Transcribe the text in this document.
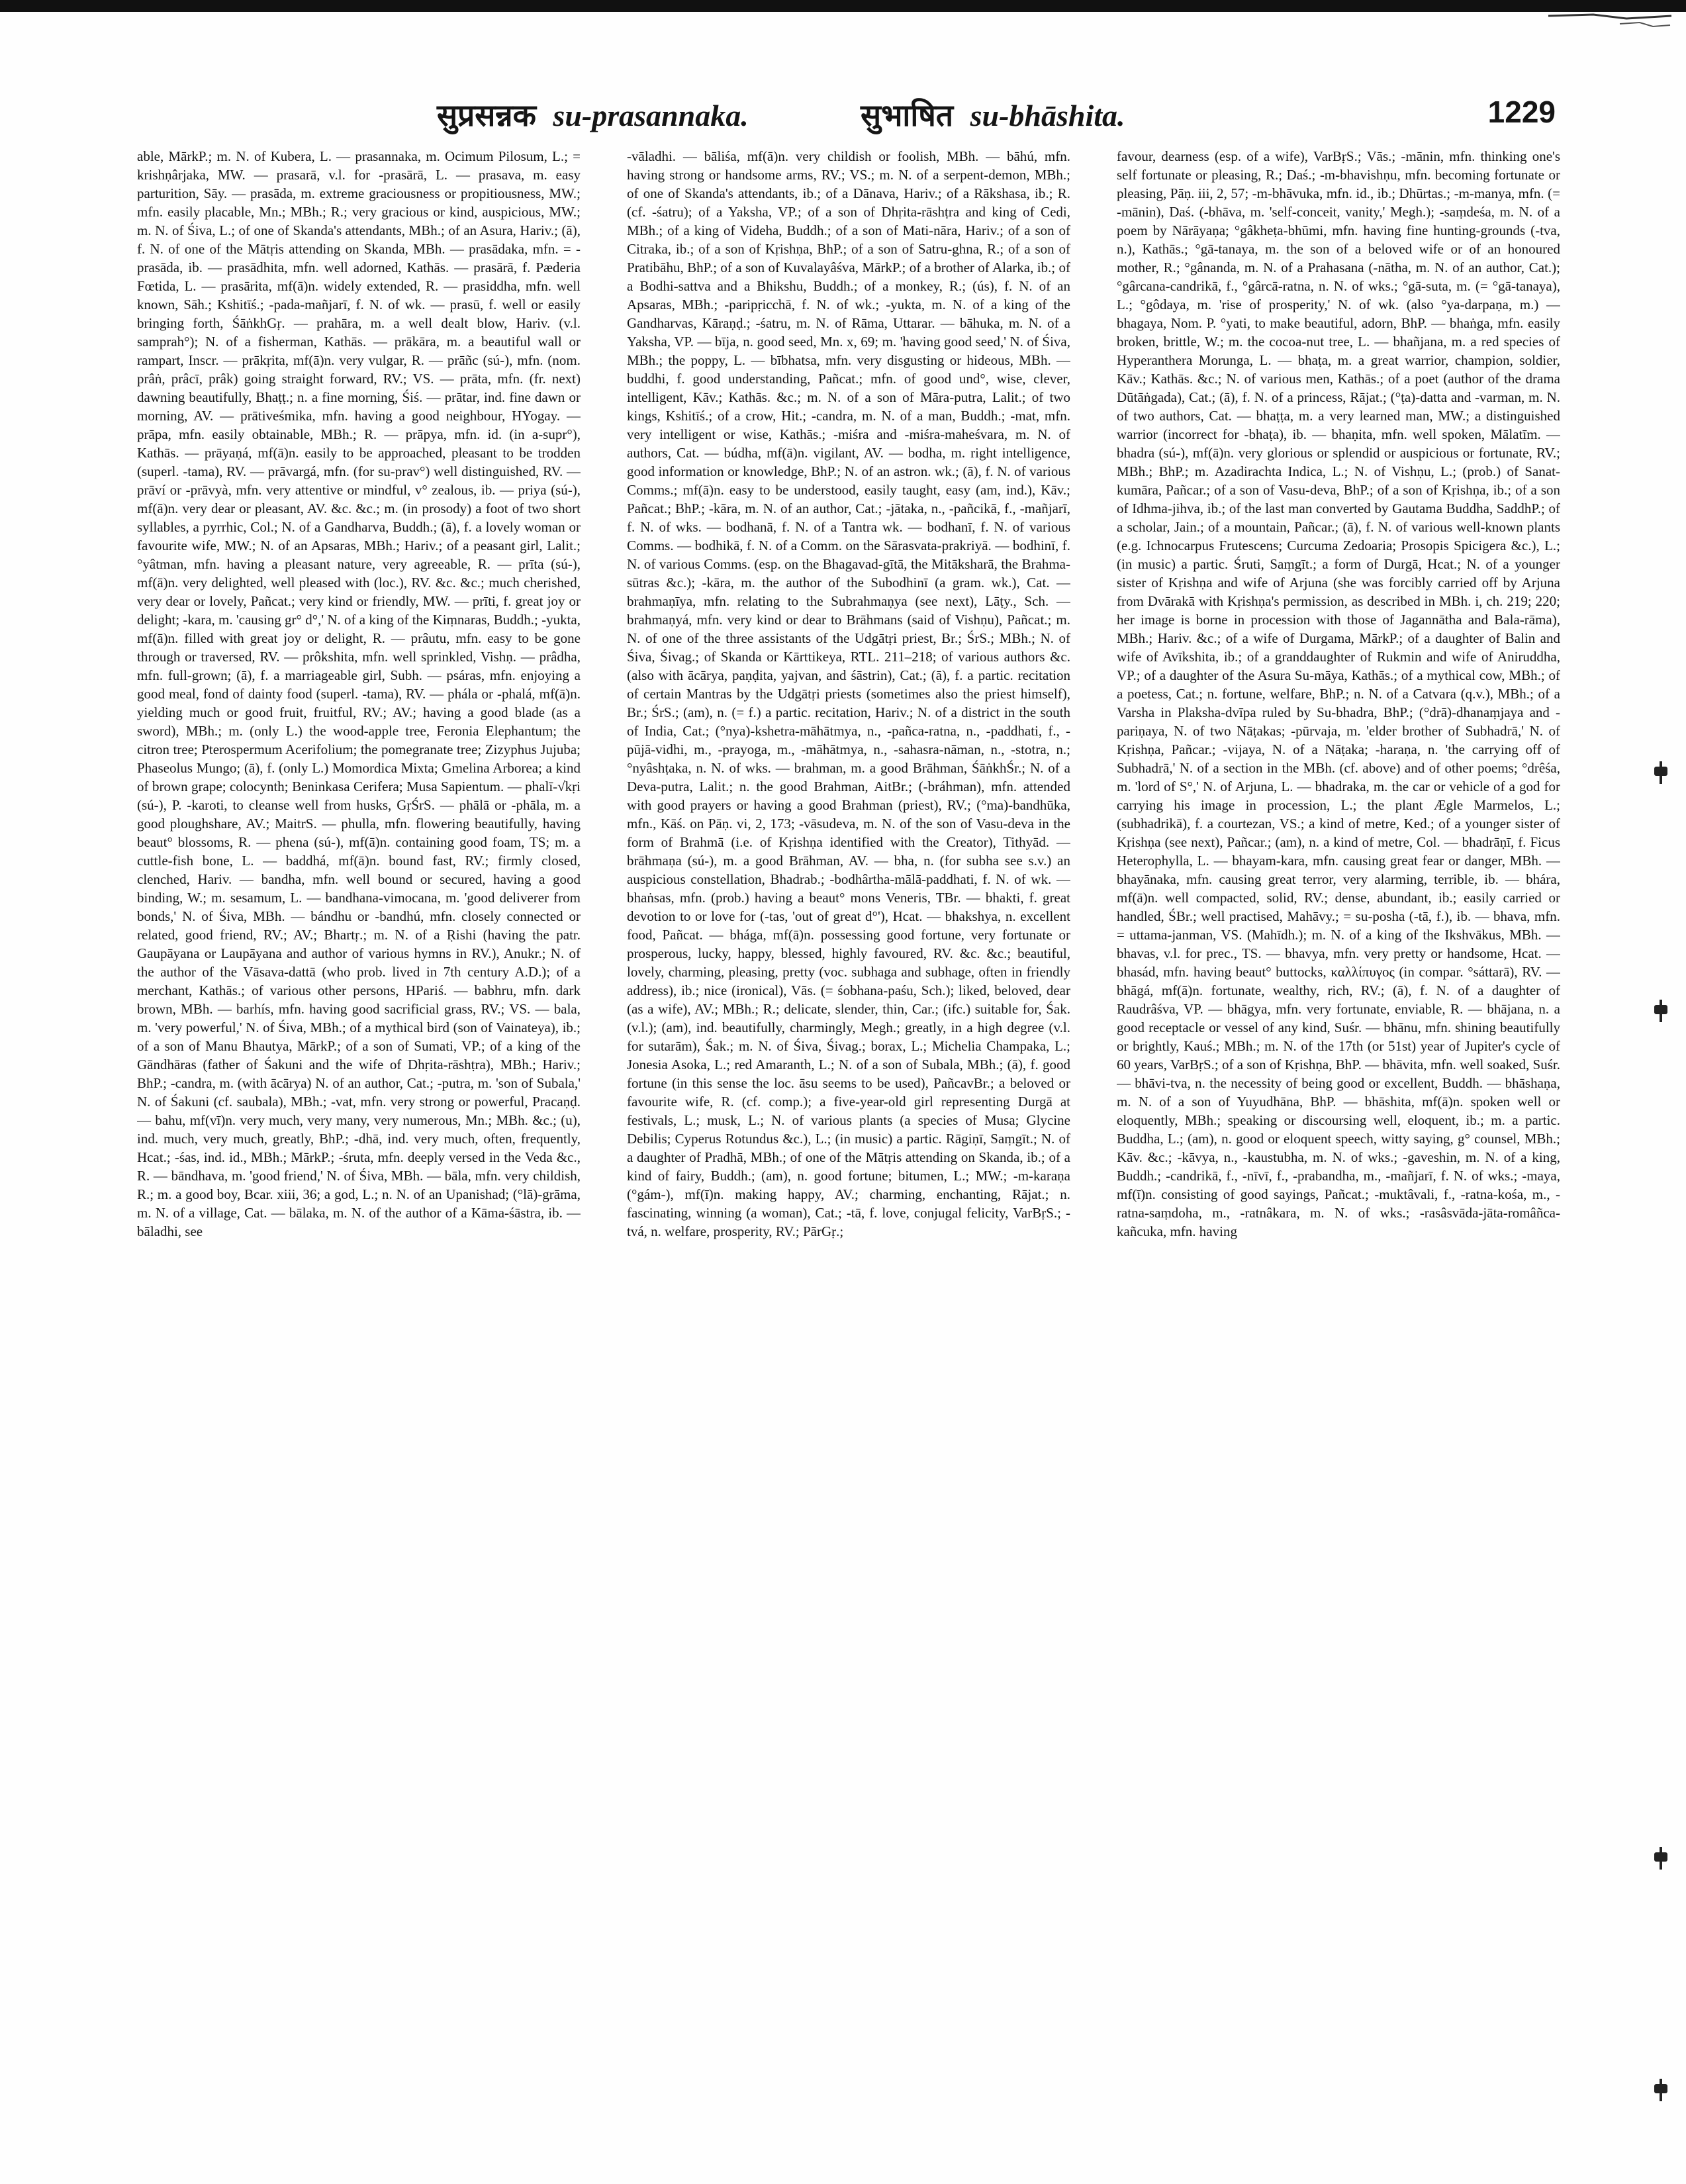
सुप्रसन्नक su-prasannaka.	सुभाषित su-bhāshita.	1229

able, MārkP.; m. N. of Kubera, L. — prasannaka, m. Ocimum Pilosum, L.; = krishṇârjaka, MW. — prasarā, v.l. for -prasārā, L. — prasava, m. easy parturition, Sāy. — prasāda, m. extreme graciousness or propitiousness, MW.; mfn. easily placable, Mn.; MBh.; R.; very gracious or kind, auspicious, MW.; m. N. of Śiva, L.; of one of Skanda's attendants, MBh.; of an Asura, Hariv.; (ā), f. N. of one of the Mātṛis attending on Skanda, MBh. — prasādaka, mfn. = -prasāda, ib. — prasādhita, mfn. well adorned, Kathās. — prasārā, f. Pæderia Fœtida, L. — prasārita, mf(ā)n. widely extended, R. — prasiddha, mfn. well known, Sāh.; Kshitīś.; -pada-mañjarī, f. N. of wk. — prasū, f. well or easily bringing forth, ŚāṅkhGṛ. — prahāra, m. a well dealt blow, Hariv. (v.l. samprah°); N. of a fisherman, Kathās. — prākāra, m. a beautiful wall or rampart, Inscr. — prākṛita, mf(ā)n. very vulgar, R. — prāñc (sú-), mfn. (nom. prâṅ, prâcī, prâk) going straight forward, RV.; VS. — prāta, mfn. (fr. next) dawning beautifully, Bhaṭṭ.; n. a fine morning, Śiś. — prātar, ind. fine dawn or morning, AV. — prātiveśmika, mfn. having a good neighbour, HYogay. — prāpa, mfn. easily obtainable, MBh.; R. — prāpya, mfn. id. (in a-supr°), Kathās. — prāyaṇá, mf(ā)n. easily to be approached, pleasant to be trodden (superl. -tama), RV. — prāvargá, mfn. (for su-prav°) well distinguished, RV. — prāví or -prāvyà, mfn. very attentive or mindful, v° zealous, ib. — priya (sú-), mf(ā)n. very dear or pleasant, AV. &c. &c.; m. (in prosody) a foot of two short syllables, a pyrrhic, Col.; N. of a Gandharva, Buddh.; (ā), f. a lovely woman or favourite wife, MW.; N. of an Apsaras, MBh.; Hariv.; of a peasant girl, Lalit.; °yâtman, mfn. having a pleasant nature, very agreeable, R. — prīta (sú-), mf(ā)n. very delighted, well pleased with (loc.), RV. &c. &c.; much cherished, very dear or lovely, Pañcat.; very kind or friendly, MW. — prīti, f. great joy or delight; -kara, m. 'causing gr° d°,' N. of a king of the Kiṃnaras, Buddh.; -yukta, mf(ā)n. filled with great joy or delight, R. — prâutu, mfn. easy to be gone through or traversed, RV. — prôkshita, mfn. well sprinkled, Vishṇ. — prâdha, mfn. full-grown; (ā), f. a marriageable girl, Subh. — psáras, mfn. enjoying a good meal, fond of dainty food (superl. -tama), RV. — phála or -phalá, mf(ā)n. yielding much or good fruit, fruitful, RV.; AV.; having a good blade (as a sword), MBh.; m. (only L.) the wood-apple tree, Feronia Elephantum; the citron tree; Pterospermum Acerifolium; the pomegranate tree; Zizyphus Jujuba; Phaseolus Mungo; (ā), f. (only L.) Momordica Mixta; Gmelina Arborea; a kind of brown grape; colocynth; Beninkasa Cerifera; Musa Sapientum. — phalī-√kṛi (sú-), P. -karoti, to cleanse well from husks, GṛŚrS. — phālā or -phāla, m. a good ploughshare, AV.; MaitrS. — phulla, mfn. flowering beautifully, having beaut° blossoms, R. — phena (sú-), mf(ā)n. containing good foam, TS; m. a cuttle-fish bone, L. — baddhá, mf(ā)n. bound fast, RV.; firmly closed, clenched, Hariv. — bandha, mfn. well bound or secured, having a good binding, W.; m. sesamum, L. — bandhana-vimocana, m. 'good deliverer from bonds,' N. of Śiva, MBh. — bándhu or -bandhú, mfn. closely connected or related, good friend, RV.; AV.; Bhartṛ.; m. N. of a Ṛishi (having the patr. Gaupāyana or Laupāyana and author of various hymns in RV.), Anukr.; N. of the author of the Vāsava-dattā (who prob. lived in 7th century A.D.); of a merchant, Kathās.; of various other persons, HPariś. — babhru, mfn. dark brown, MBh. — barhís, mfn. having good sacrificial grass, RV.; VS. — bala, m. 'very powerful,' N. of Śiva, MBh.; of a mythical bird (son of Vainateya), ib.; of a son of Manu Bhautya, MārkP.; of a son of Sumati, VP.; of a king of the Gāndhāras (father of Śakuni and the wife of Dhṛita-rāshṭra), MBh.; Hariv.; BhP.; -candra, m. (with ācārya) N. of an author, Cat.; -putra, m. 'son of Subala,' N. of Śakuni (cf. saubala), MBh.; -vat, mfn. very strong or powerful, Pracaṇḍ. — bahu, mf(vī)n. very much, very many, very numerous, Mn.; MBh. &c.; (u), ind. much, very much, greatly, BhP.; -dhā, ind. very much, often, frequently, Hcat.; -śas, ind. id., MBh.; MārkP.; -śruta, mfn. deeply versed in the Veda &c., R. — bāndhava, m. 'good friend,' N. of Śiva, MBh. — bāla, mfn. very childish, R.; m. a good boy, Bcar. xiii, 36; a god, L.; n. N. of an Upanishad; (°lā)-grāma, m. N. of a village, Cat. — bālaka, m. N. of the author of a Kāma-śāstra, ib. — bāladhi, see

-vāladhi. — bāliśa, mf(ā)n. very childish or foolish, MBh. — bāhú, mfn. having strong or handsome arms, RV.; VS.; m. N. of a serpent-demon, MBh.; of one of Skanda's attendants, ib.; of a Dānava, Hariv.; of a Rākshasa, ib.; R. (cf. -śatru); of a Yaksha, VP.; of a son of Dhṛita-rāshṭra and king of Cedi, MBh.; of a king of Videha, Buddh.; of a son of Mati-nāra, Hariv.; of a son of Citraka, ib.; of a son of Kṛishṇa, BhP.; of a son of Satru-ghna, R.; of a son of Pratibāhu, BhP.; of a son of Kuvalayâśva, MārkP.; of a brother of Alarka, ib.; of a Bodhi-sattva and a Bhikshu, Buddh.; of a monkey, R.; (ús), f. N. of an Apsaras, MBh.; -paripṛicchā, f. N. of wk.; -yukta, m. N. of a king of the Gandharvas, Kāraṇḍ.; -śatru, m. N. of Rāma, Uttarar. — bāhuka, m. N. of a Yaksha, VP. — bīja, n. good seed, Mn. x, 69; m. 'having good seed,' N. of Śiva, MBh.; the poppy, L. — bībhatsa, mfn. very disgusting or hideous, MBh. — buddhi, f. good understanding, Pañcat.; mfn. of good und°, wise, clever, intelligent, Kāv.; Kathās. &c.; m. N. of a son of Māra-putra, Lalit.; of two kings, Kshitīś.; of a crow, Hit.; -candra, m. N. of a man, Buddh.; -mat, mfn. very intelligent or wise, Kathās.; -miśra and -miśra-maheśvara, m. N. of authors, Cat. — búdha, mf(ā)n. vigilant, AV. — bodha, m. right intelligence, good information or knowledge, BhP.; N. of an astron. wk.; (ā), f. N. of various Comms.; mf(ā)n. easy to be understood, easily taught, easy (am, ind.), Kāv.; Pañcat.; BhP.; -kāra, m. N. of an author, Cat.; -jātaka, n., -pañcikā, f., -mañjarī, f. N. of wks. — bodhanā, f. N. of a Tantra wk. — bodhanī, f. N. of various Comms. — bodhikā, f. N. of a Comm. on the Sārasvata-prakriyā. — bodhinī, f. N. of various Comms. (esp. on the Bhagavad-gītā, the Mitāksharā, the Brahma-sūtras &c.); -kāra, m. the author of the Subodhinī (a gram. wk.), Cat. — brahmaṇīya, mfn. relating to the Subrahmaṇya (see next), Lāṭy., Sch. — brahmaṇyá, mfn. very kind or dear to Brāhmans (said of Vishṇu), Pañcat.; m. N. of one of the three assistants of the Udgātṛi priest, Br.; ŚrS.; MBh.; N. of Śiva, Śivag.; of Skanda or Kārttikeya, RTL. 211–218; of various authors &c. (also with ācārya, paṇḍita, yajvan, and śāstrin), Cat.; (ā), f. a partic. recitation of certain Mantras by the Udgātṛi priests (sometimes also the priest himself), Br.; ŚrS.; (am), n. (= f.) a partic. recitation, Hariv.; N. of a district in the south of India, Cat.; (°nya)-kshetra-māhātmya, n., -pañca-ratna, n., -paddhati, f., -pūjā-vidhi, m., -prayoga, m., -māhātmya, n., -sahasra-nāman, n., -stotra, n.; °nyâshṭaka, n. N. of wks. — brahman, m. a good Brāhman, ŚāṅkhŚr.; N. of a Deva-putra, Lalit.; n. the good Brahman, AitBr.; (-bráhman), mfn. attended with good prayers or having a good Brahman (priest), RV.; (°ma)-bandhūka, mfn., Kāś. on Pāṇ. vi, 2, 173; -vāsudeva, m. N. of the son of Vasu-deva in the form of Brahmā (i.e. of Kṛishṇa identified with the Creator), Tithyād. — brāhmaṇa (sú-), m. a good Brāhman, AV. — bha, n. (for subha see s.v.) an auspicious constellation, Bhadrab.; -bodhârtha-mālā-paddhati, f. N. of wk. — bhaṅsas, mfn. (prob.) having a beaut° mons Veneris, TBr. — bhakti, f. great devotion to or love for (-tas, 'out of great d°'), Hcat. — bhakshya, n. excellent food, Pañcat. — bhága, mf(ā)n. possessing good fortune, very fortunate or prosperous, lucky, happy, blessed, highly favoured, RV. &c. &c.; beautiful, lovely, charming, pleasing, pretty (voc. subhaga and subhage, often in friendly address), ib.; nice (ironical), Vās. (= śobhana-paśu, Sch.); liked, beloved, dear (as a wife), AV.; MBh.; R.; delicate, slender, thin, Car.; (ifc.) suitable for, Śak. (v.l.); (am), ind. beautifully, charmingly, Megh.; greatly, in a high degree (v.l. for sutarām), Śak.; m. N. of Śiva, Śivag.; borax, L.; Michelia Champaka, L.; Jonesia Asoka, L.; red Amaranth, L.; N. of a son of Subala, MBh.; (ā), f. good fortune (in this sense the loc. āsu seems to be used), PañcavBr.; a beloved or favourite wife, R. (cf. comp.); a five-year-old girl representing Durgā at festivals, L.; musk, L.; N. of various plants (a species of Musa; Glycine Debilis; Cyperus Rotundus &c.), L.; (in music) a partic. Rāgiṇī, Saṃgīt.; N. of a daughter of Pradhā, MBh.; of one of the Mātṛis attending on Skanda, ib.; of a kind of fairy, Buddh.; (am), n. good fortune; bitumen, L.; MW.; -m-karaṇa (°gám-), mf(ī)n. making happy, AV.; charming, enchanting, Rājat.; n. fascinating, winning (a woman), Cat.; -tā, f. love, conjugal felicity, VarBṛS.; -tvá, n. welfare, prosperity, RV.; PārGṛ.;

favour, dearness (esp. of a wife), VarBṛS.; Vās.; -mānin, mfn. thinking one's self fortunate or pleasing, R.; Daś.; -m-bhavishṇu, mfn. becoming fortunate or pleasing, Pāṇ. iii, 2, 57; -m-bhāvuka, mfn. id., ib.; Dhūrtas.; -m-manya, mfn. (= -mānin), Daś. (-bhāva, m. 'self-conceit, vanity,' Megh.); -saṃdeśa, m. N. of a poem by Nārāyaṇa; °gâkheṭa-bhūmi, mfn. having fine hunting-grounds (-tva, n.), Kathās.; °gā-tanaya, m. the son of a beloved wife or of an honoured mother, R.; °gânanda, m. N. of a Prahasana (-nātha, m. N. of an author, Cat.); °gârcana-candrikā, f., °gârcā-ratna, n. N. of wks.; °gā-suta, m. (= °gā-tanaya), L.; °gôdaya, m. 'rise of prosperity,' N. of wk. (also °ya-darpaṇa, m.) — bhagaya, Nom. P. °yati, to make beautiful, adorn, BhP. — bhaṅga, mfn. easily broken, brittle, W.; m. the cocoa-nut tree, L. — bhañjana, m. a red species of Hyperanthera Morunga, L. — bhaṭa, m. a great warrior, champion, soldier, Kāv.; Kathās. &c.; N. of various men, Kathās.; of a poet (author of the drama Dūtāṅgada), Cat.; (ā), f. N. of a princess, Rājat.; (°ṭa)-datta and -varman, m. N. of two authors, Cat. — bhaṭṭa, m. a very learned man, MW.; a distinguished warrior (incorrect for -bhaṭa), ib. — bhaṇita, mfn. well spoken, Mālatīm. — bhadra (sú-), mf(ā)n. very glorious or splendid or auspicious or fortunate, RV.; MBh.; BhP.; m. Azadirachta Indica, L.; N. of Vishṇu, L.; (prob.) of Sanat-kumāra, Pañcar.; of a son of Vasu-deva, BhP.; of a son of Kṛishṇa, ib.; of a son of Idhma-jihva, ib.; of the last man converted by Gautama Buddha, SaddhP.; of a scholar, Jain.; of a mountain, Pañcar.; (ā), f. N. of various well-known plants (e.g. Ichnocarpus Frutescens; Curcuma Zedoaria; Prosopis Spicigera &c.), L.; (in music) a partic. Śruti, Saṃgīt.; a form of Durgā, Hcat.; N. of a younger sister of Kṛishṇa and wife of Arjuna (she was forcibly carried off by Arjuna from Dvārakā with Kṛishṇa's permission, as described in MBh. i, ch. 219; 220; her image is borne in procession with those of Jagannātha and Bala-rāma), MBh.; Hariv. &c.; of a wife of Durgama, MārkP.; of a daughter of Balin and wife of Avīkshita, ib.; of a granddaughter of Rukmin and wife of Aniruddha, VP.; of a daughter of the Asura Su-māya, Kathās.; of a mythical cow, MBh.; of a poetess, Cat.; n. fortune, welfare, BhP.; n. N. of a Catvara (q.v.), MBh.; of a Varsha in Plaksha-dvīpa ruled by Su-bhadra, BhP.; (°drā)-dhanaṃjaya and -pariṇaya, N. of two Nāṭakas; -pūrvaja, m. 'elder brother of Subhadrā,' N. of Kṛishṇa, Pañcar.; -vijaya, N. of a Nāṭaka; -haraṇa, n. 'the carrying off of Subhadrā,' N. of a section in the MBh. (cf. above) and of other poems; °drêśa, m. 'lord of S°,' N. of Arjuna, L. — bhadraka, m. the car or vehicle of a god for carrying his image in procession, L.; the plant Ægle Marmelos, L.; (subhadrikā), f. a courtezan, VS.; a kind of metre, Ked.; of a younger sister of Kṛishṇa (see next), Pañcar.; (am), n. a kind of metre, Col. — bhadrāṇī, f. Ficus Heterophylla, L. — bhayam-kara, mfn. causing great fear or danger, MBh. — bhayānaka, mfn. causing great terror, very alarming, terrible, ib. — bhára, mf(ā)n. well compacted, solid, RV.; dense, abundant, ib.; easily carried or handled, ŚBr.; well practised, Mahāvy.; = su-posha (-tā, f.), ib. — bhava, mfn. = uttama-janman, VS. (Mahīdh.); m. N. of a king of the Ikshvākus, MBh. — bhavas, v.l. for prec., TS. — bhavya, mfn. very pretty or handsome, Hcat. — bhasád, mfn. having beaut° buttocks, καλλίπυγος (in compar. °sáttarā), RV. — bhāgá, mf(ā)n. fortunate, wealthy, rich, RV.; (ā), f. N. of a daughter of Raudrâśva, VP. — bhāgya, mfn. very fortunate, enviable, R. — bhājana, n. a good receptacle or vessel of any kind, Suśr. — bhānu, mfn. shining beautifully or brightly, Kauś.; MBh.; m. N. of the 17th (or 51st) year of Jupiter's cycle of 60 years, VarBṛS.; of a son of Kṛishṇa, BhP. — bhāvita, mfn. well soaked, Suśr. — bhāvi-tva, n. the necessity of being good or excellent, Buddh. — bhāshaṇa, m. N. of a son of Yuyudhāna, BhP. — bhāshita, mf(ā)n. spoken well or eloquently, MBh.; speaking or discoursing well, eloquent, ib.; m. a partic. Buddha, L.; (am), n. good or eloquent speech, witty saying, g° counsel, MBh.; Kāv. &c.; -kāvya, n., -kaustubha, m. N. of wks.; -gaveshin, m. N. of a king, Buddh.; -candrikā, f., -nīvī, f., -prabandha, m., -mañjarī, f. N. of wks.; -maya, mf(ī)n. consisting of good sayings, Pañcat.; -muktâvali, f., -ratna-kośa, m., -ratna-saṃdoha, m., -ratnâkara, m. N. of wks.; -rasâsvāda-jāta-româñca-kañcuka, mfn. having
